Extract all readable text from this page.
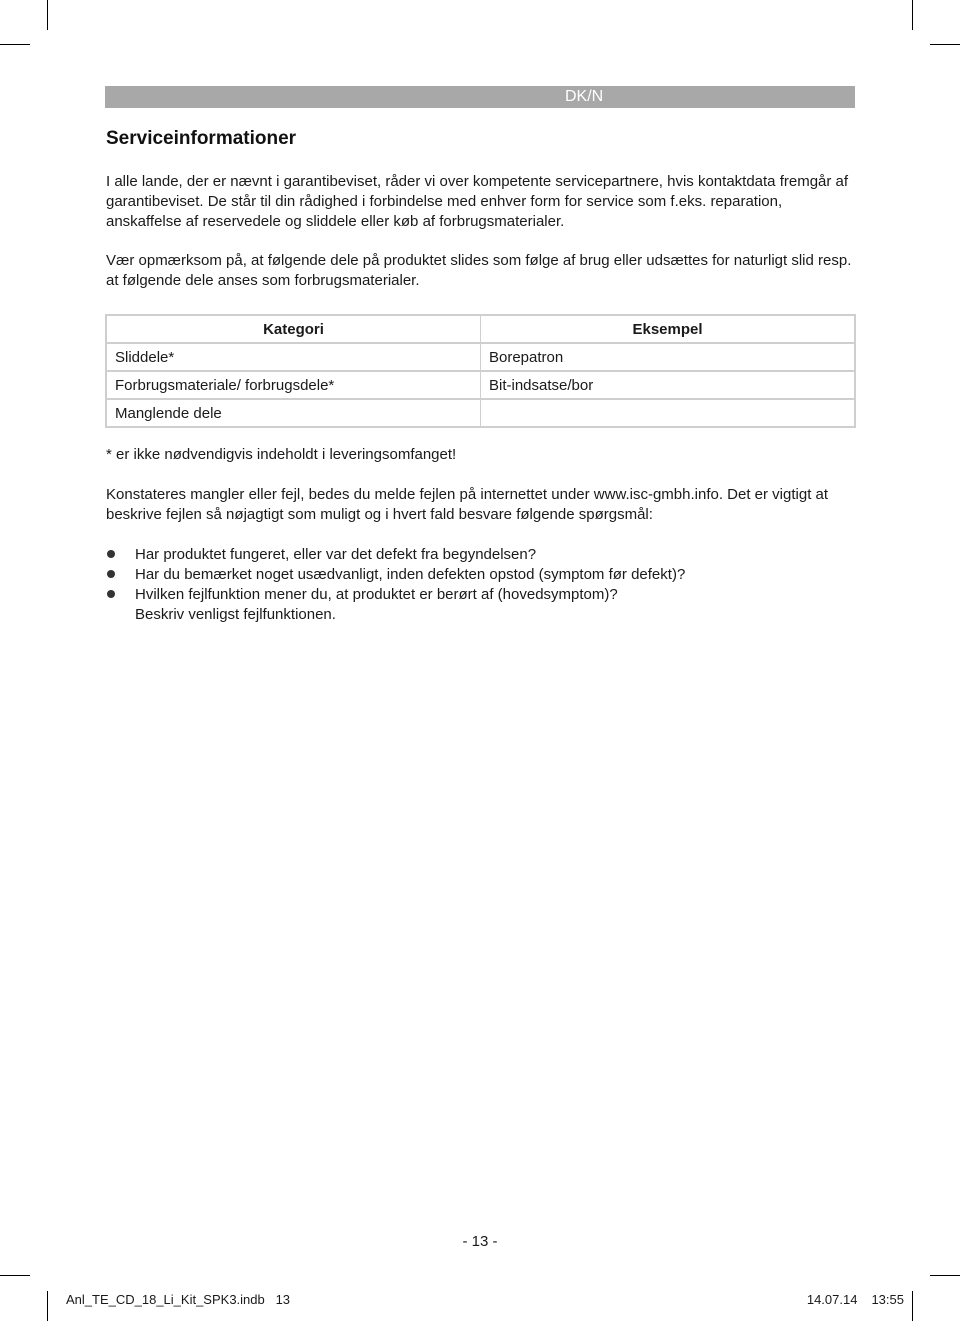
DK/N
Serviceinformationer

I alle lande, der er nævnt i garantibeviset, råder vi over kompetente servicepartnere, hvis kontaktdata fremgår af garantibeviset. De står til din rådighed i forbindelse med enhver form for service som f.eks. reparation, anskaffelse af reservedele og sliddele eller køb af forbrugsmaterialer.

Vær opmærksom på, at følgende dele på produktet slides som følge af brug eller udsættes for naturligt slid resp. at følgende dele anses som forbrugsmaterialer.

Kategori	Eksempel
Sliddele*	Borepatron
Forbrugsmateriale/ forbrugsdele*	Bit-indsatse/bor
Manglende dele	

* er ikke nødvendigvis indeholdt i leveringsomfanget!

Konstateres mangler eller fejl, bedes du melde fejlen på internettet under www.isc-gmbh.info. Det er vigtigt at beskrive fejlen så nøjagtigt som muligt og i hvert fald besvare følgende spørgsmål:

Har produktet fungeret, eller var det defekt fra begyndelsen?
Har du bemærket noget usædvanligt, inden defekten opstod (symptom før defekt)?
Hvilken fejlfunktion mener du, at produktet er berørt af (hovedsymptom)?
Beskriv venligst fejlfunktionen.
- 13 -
Anl_TE_CD_18_Li_Kit_SPK3.indb   13	14.07.14 13:55
